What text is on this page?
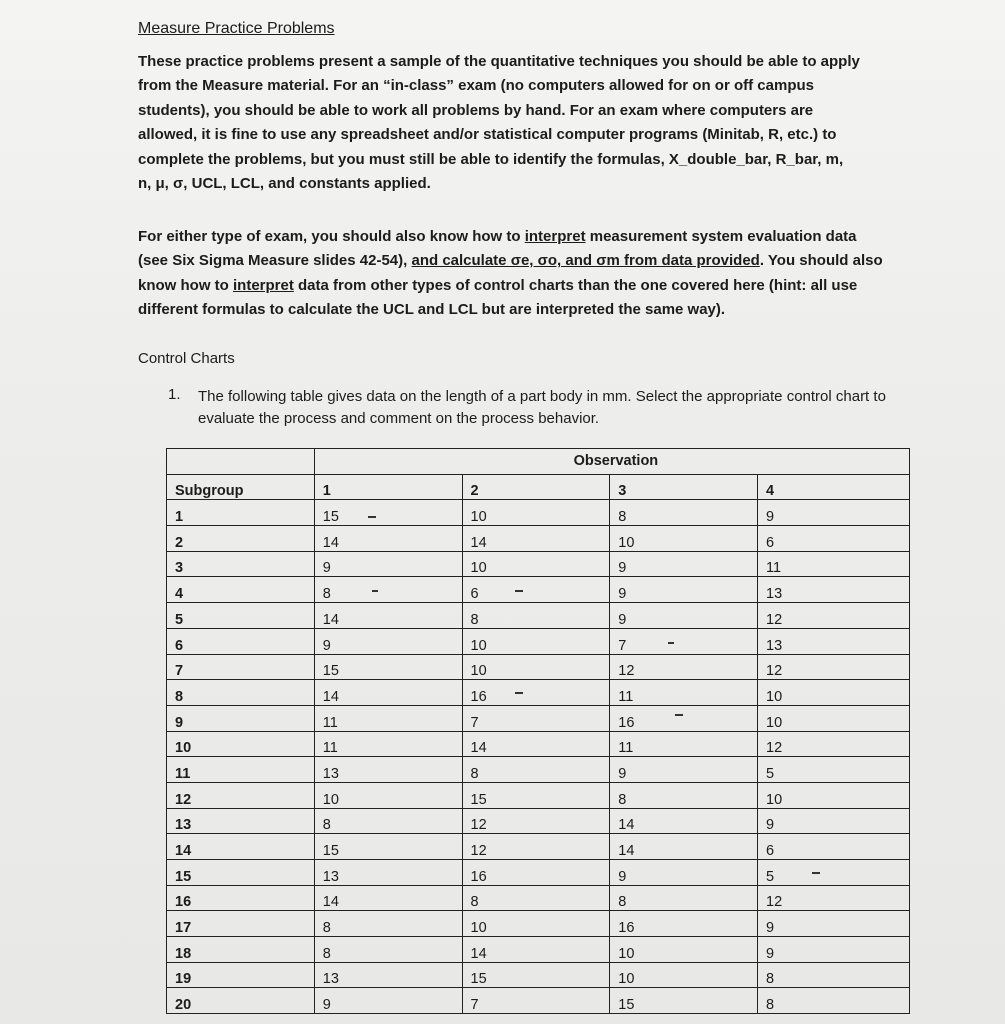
Measure Practice Problems
These practice problems present a sample of the quantitative techniques you should be able to apply
from the Measure material. For an “in-class” exam (no computers allowed for on or off campus
students), you should be able to work all problems by hand. For an exam where computers are
allowed, it is fine to use any spreadsheet and/or statistical computer programs (Minitab, R, etc.) to
complete the problems, but you must still be able to identify the formulas, X_double_bar, R_bar, m,
n, μ, σ, UCL, LCL, and constants applied.
For either type of exam, you should also know how to interpret measurement system evaluation data
(see Six Sigma Measure slides 42-54), and calculate σe, σo, and σm from data provided. You should also
know how to interpret data from other types of control charts than the one covered here (hint: all use
different formulas to calculate the UCL and LCL but are interpreted the same way).
Control Charts
1. The following table gives data on the length of a part body in mm. Select the appropriate control chart to evaluate the process and comment on the process behavior.
	Observation			
Subgroup	1	2	3	4
1	15	10	8	9
2	14	14	10	6
3	9	10	9	11
4	8	6	9	13
5	14	8	9	12
6	9	10	7	13
7	15	10	12	12
8	14	16	11	10
9	11	7	16	10
10	11	14	11	12
11	13	8	9	5
12	10	15	8	10
13	8	12	14	9
14	15	12	14	6
15	13	16	9	5
16	14	8	8	12
17	8	10	16	9
18	8	14	10	9
19	13	15	10	8
20	9	7	15	8
